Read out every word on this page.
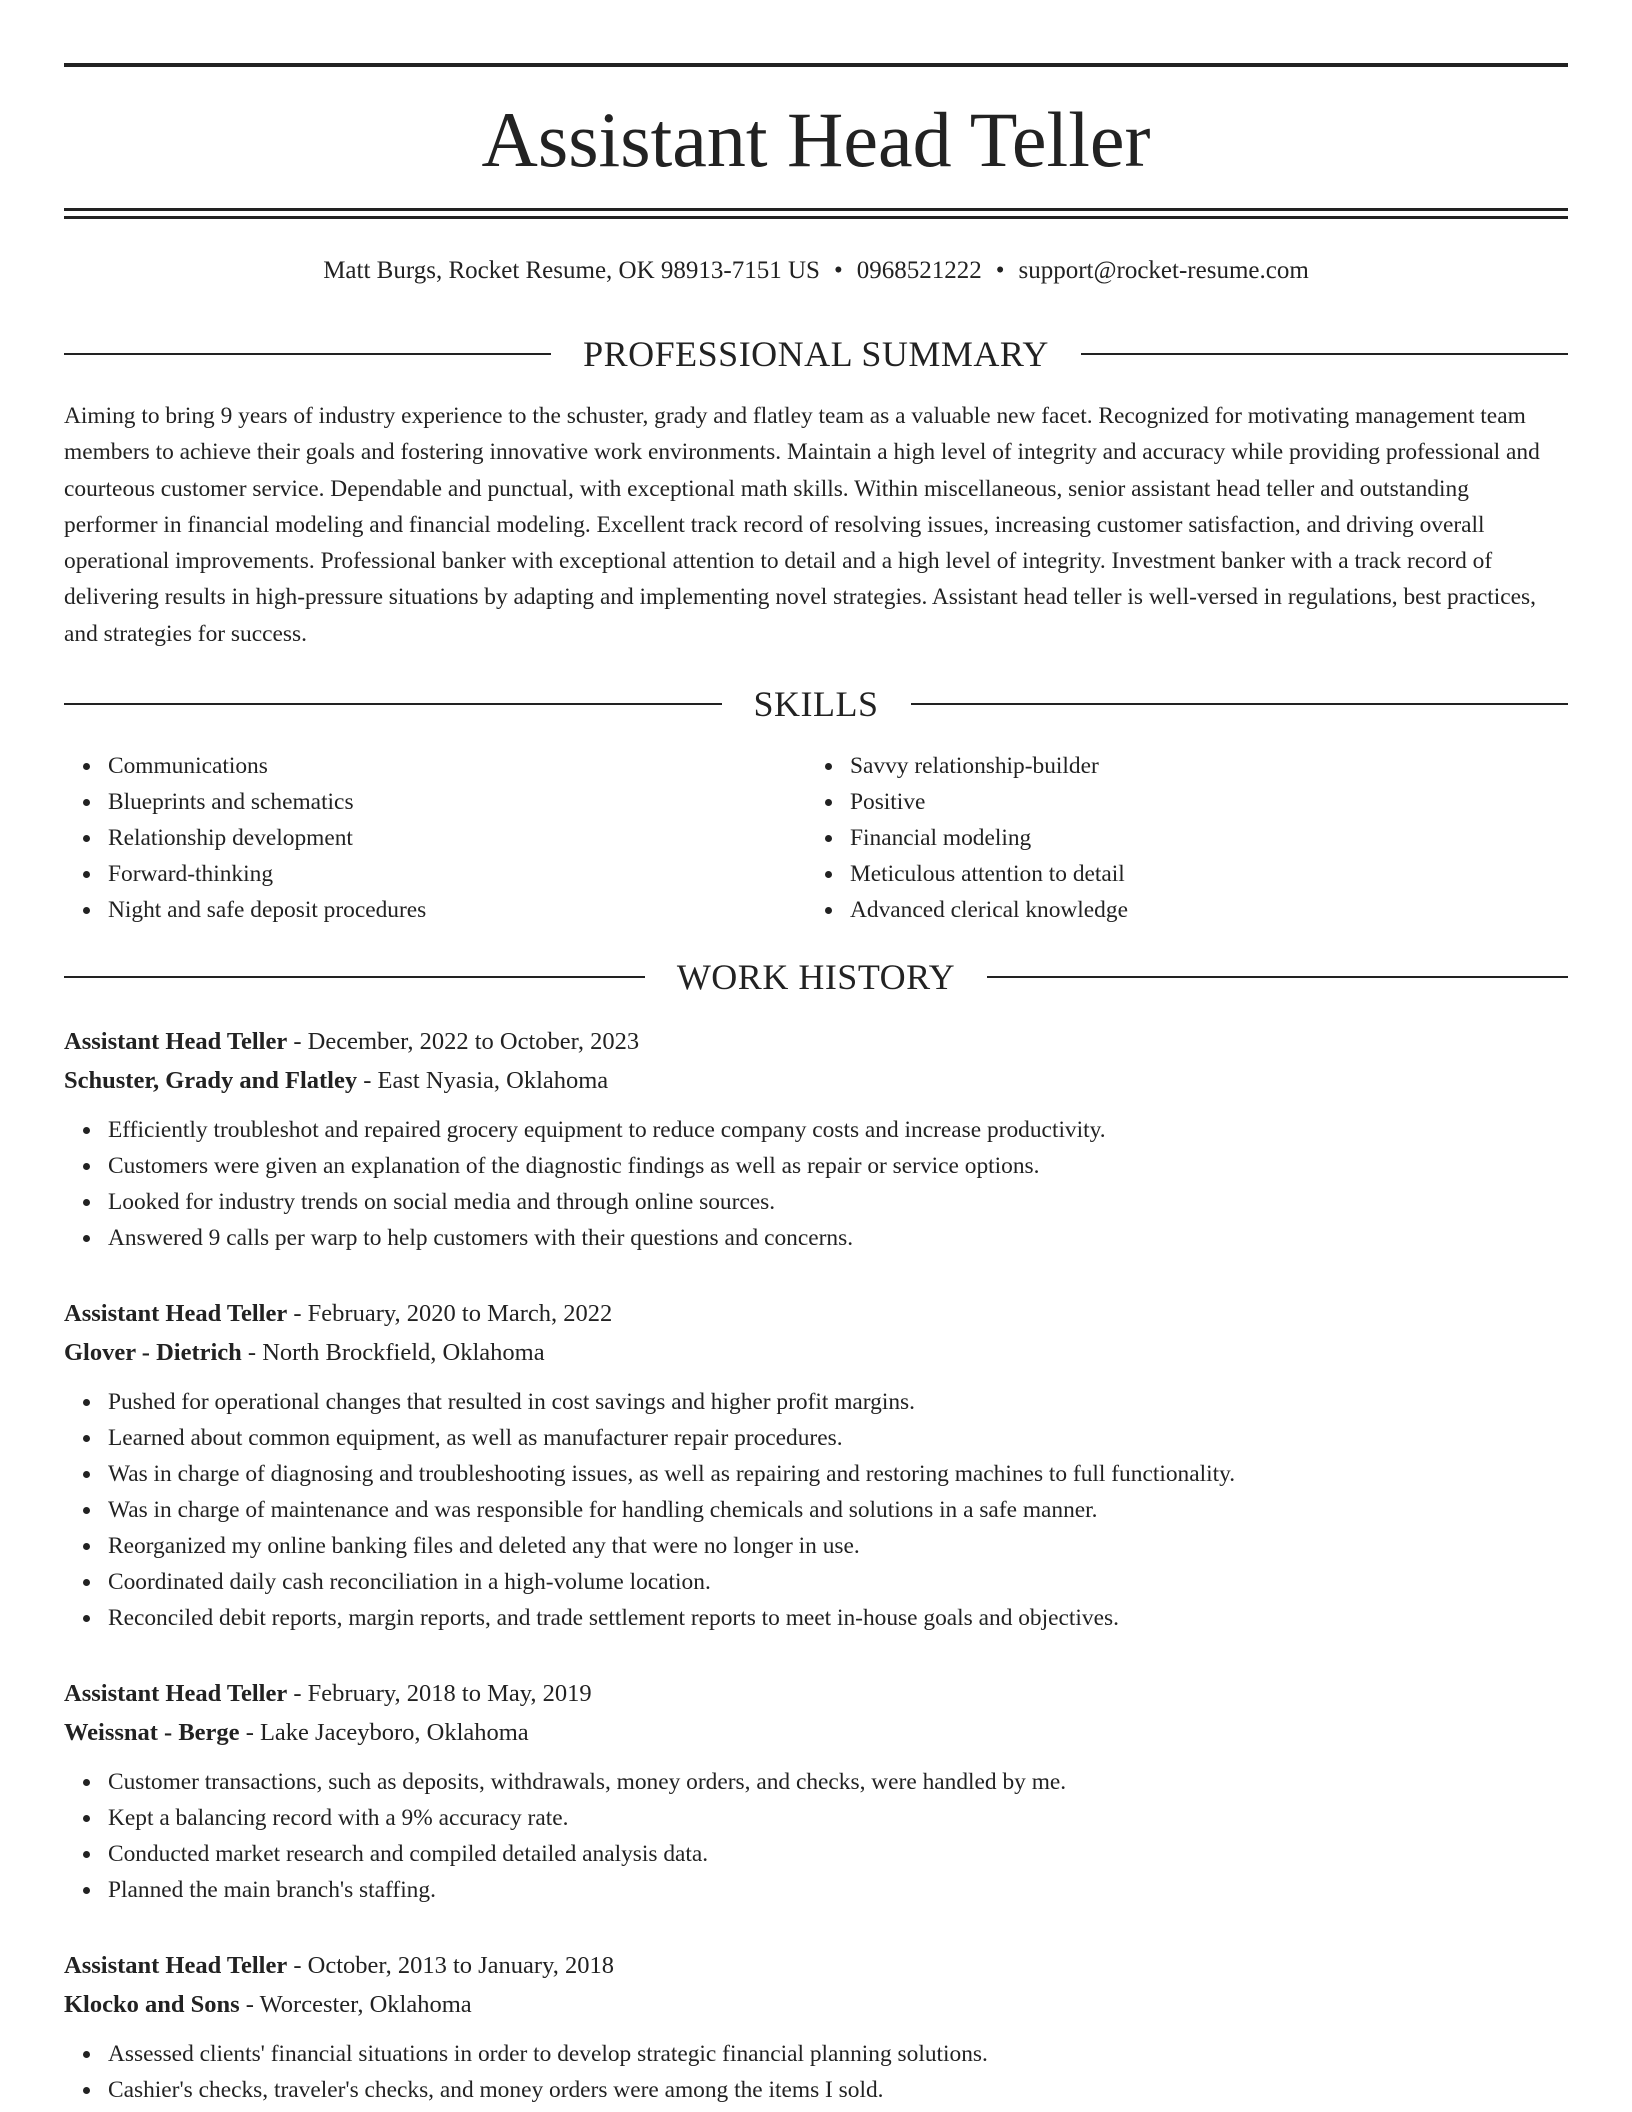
Assistant Head Teller
Matt Burgs, Rocket Resume, OK 98913-7151 US • 0968521222 • support@rocket-resume.com
PROFESSIONAL SUMMARY

Aiming to bring 9 years of industry experience to the schuster, grady and flatley team as a valuable new facet. Recognized for motivating management team members to achieve their goals and fostering innovative work environments. Maintain a high level of integrity and accuracy while providing professional and courteous customer service. Dependable and punctual, with exceptional math skills. Within miscellaneous, senior assistant head teller and outstanding performer in financial modeling and financial modeling. Excellent track record of resolving issues, increasing customer satisfaction, and driving overall operational improvements. Professional banker with exceptional attention to detail and a high level of integrity. Investment banker with a track record of delivering results in high-pressure situations by adapting and implementing novel strategies. Assistant head teller is well-versed in regulations, best practices, and strategies for success.

SKILLS
Communications
Blueprints and schematics
Relationship development
Forward-thinking
Night and safe deposit procedures
Savvy relationship-builder
Positive
Financial modeling
Meticulous attention to detail
Advanced clerical knowledge
WORK HISTORY
Assistant Head Teller - December, 2022 to October, 2023
Schuster, Grady and Flatley - East Nyasia, Oklahoma
Efficiently troubleshot and repaired grocery equipment to reduce company costs and increase productivity.
Customers were given an explanation of the diagnostic findings as well as repair or service options.
Looked for industry trends on social media and through online sources.
Answered 9 calls per warp to help customers with their questions and concerns.
Assistant Head Teller - February, 2020 to March, 2022
Glover - Dietrich - North Brockfield, Oklahoma
Pushed for operational changes that resulted in cost savings and higher profit margins.
Learned about common equipment, as well as manufacturer repair procedures.
Was in charge of diagnosing and troubleshooting issues, as well as repairing and restoring machines to full functionality.
Was in charge of maintenance and was responsible for handling chemicals and solutions in a safe manner.
Reorganized my online banking files and deleted any that were no longer in use.
Coordinated daily cash reconciliation in a high-volume location.
Reconciled debit reports, margin reports, and trade settlement reports to meet in-house goals and objectives.
Assistant Head Teller - February, 2018 to May, 2019
Weissnat - Berge - Lake Jaceyboro, Oklahoma
Customer transactions, such as deposits, withdrawals, money orders, and checks, were handled by me.
Kept a balancing record with a 9% accuracy rate.
Conducted market research and compiled detailed analysis data.
Planned the main branch's staffing.
Assistant Head Teller - October, 2013 to January, 2018
Klocko and Sons - Worcester, Oklahoma
Assessed clients' financial situations in order to develop strategic financial planning solutions.
Cashier's checks, traveler's checks, and money orders were among the items I sold.
